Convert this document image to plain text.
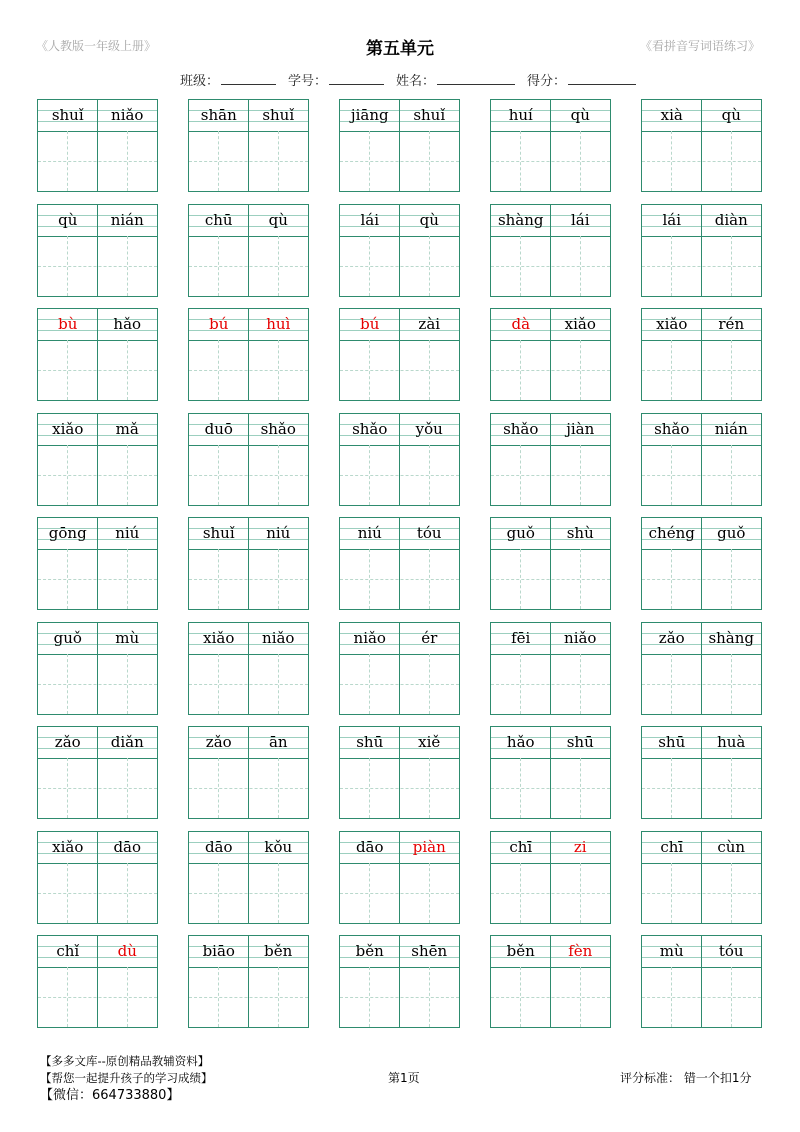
《人教版一年级上册》	第五单元	《看拼音写词语练习》
班级：	学号：	姓名：	得分：
shuǐ	niǎo	shān	shuǐ	jiāng	shuǐ	huí	qù	xià	qù
qù	nián	chū	qù	lái	qù	shàng	lái	lái	diàn
bù	hǎo	bú	huì	bú	zài	dà	xiǎo	xiǎo	rén
xiǎo	mǎ	duō	shǎo	shǎo	yǒu	shǎo	jiàn	shǎo	nián
gōng	niú	shuǐ	niú	niú	tóu	guǒ	shù	chéng	guǒ
guǒ	mù	xiǎo	niǎo	niǎo	ér	fēi	niǎo	zǎo	shàng
zǎo	diǎn	zǎo	ān	shū	xiě	hǎo	shū	shū	huà
xiǎo	dāo	dāo	kǒu	dāo	piàn	chī	zi	chī	cùn
chǐ	dù	biāo	běn	běn	shēn	běn	fèn	mù	tóu
【多多文库--原创精品教辅资料】
【帮您一起提升孩子的学习成绩】
【微信：664733880】
第1页	评分标准： 错一个扣1分
